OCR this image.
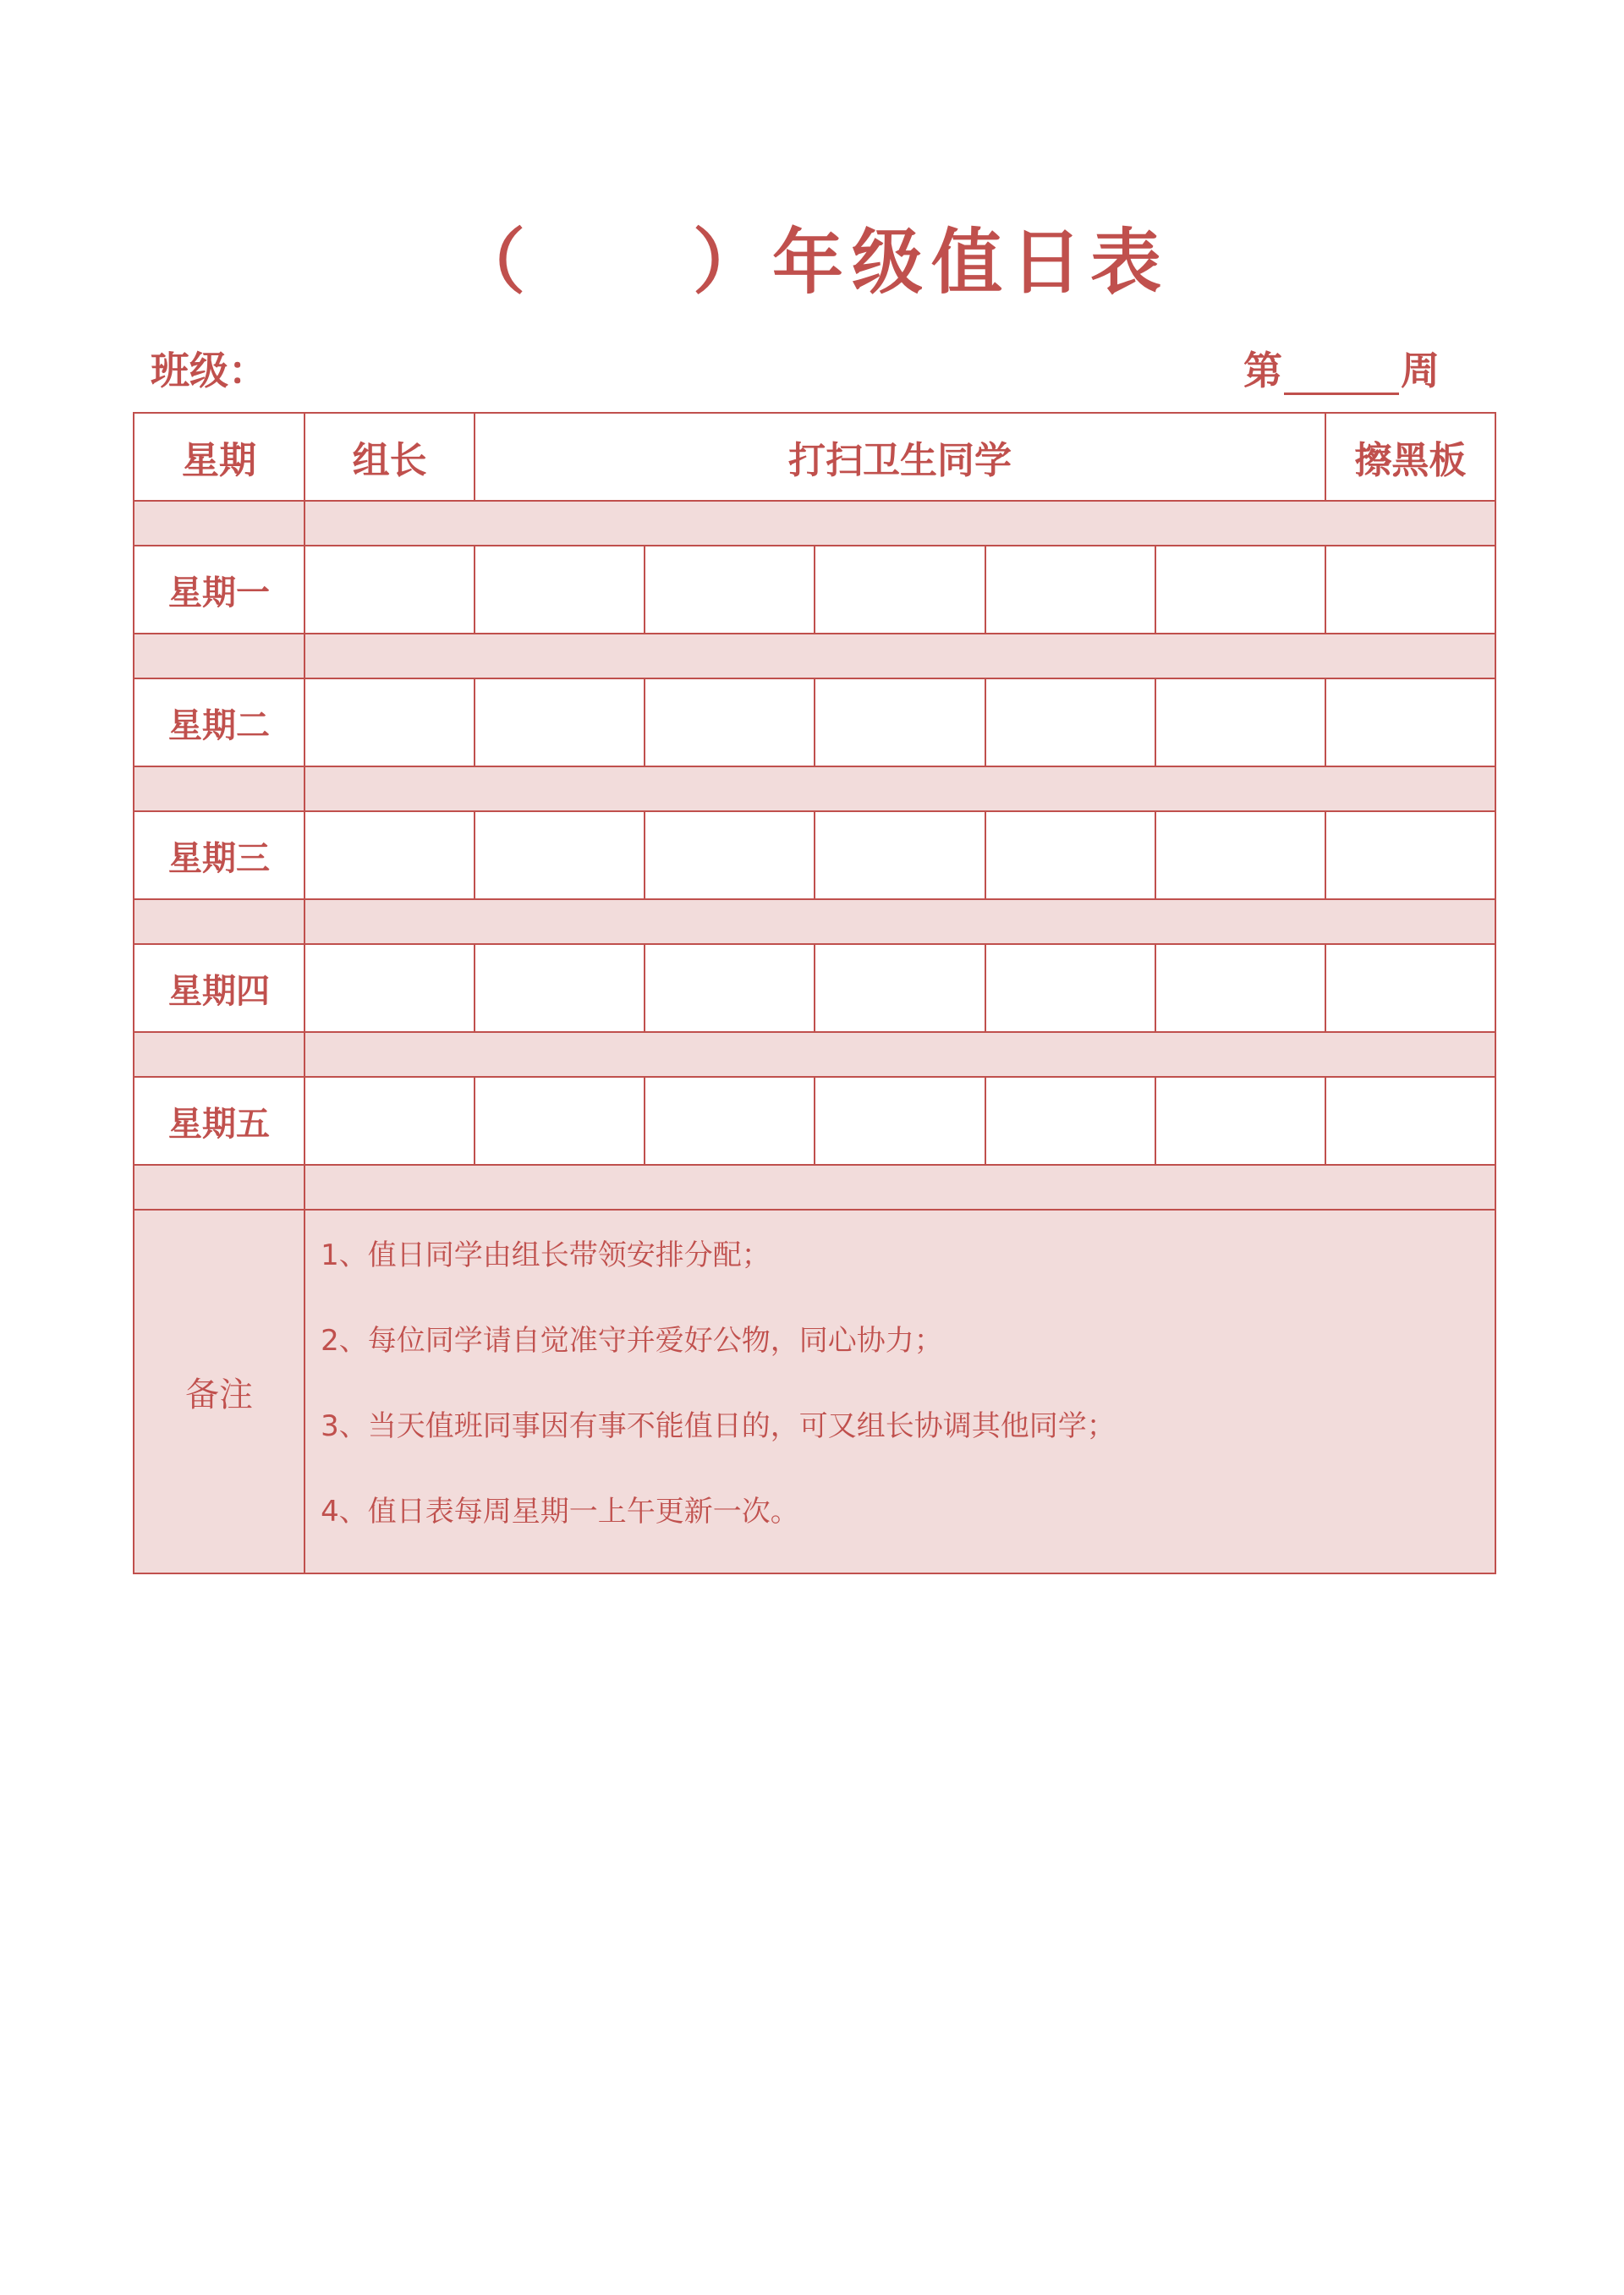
（　　）年级值日表
班级：	第	周
星期	组长	打扫卫生同学					擦黑板

星期一							

星期二							

星期三							

星期四							

星期五							

备注	1、值日同学由组长带领安排分配；
2、每位同学请自觉准守并爱好公物，同心协力；
3、当天值班同事因有事不能值日的，可又组长协调其他同学；
4、值日表每周星期一上午更新一次。						
